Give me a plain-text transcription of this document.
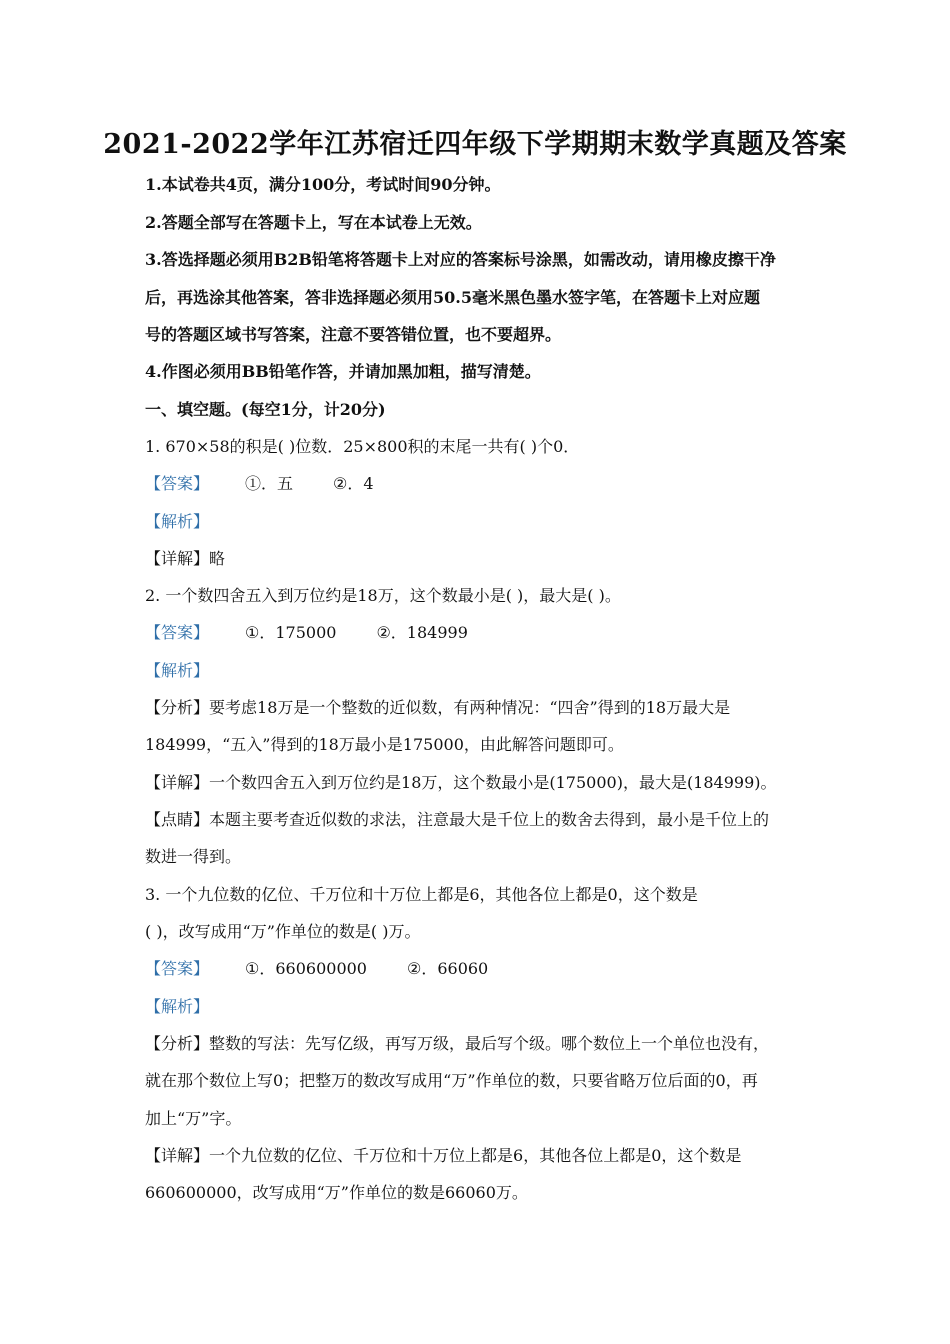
2021-2022学年江苏宿迁四年级下学期期末数学真题及答案
1.本试卷共4页，满分100分，考试时间90分钟。
2.答题全部写在答题卡上，写在本试卷上无效。
3.答选择题必须用B2B铅笔将答题卡上对应的答案标号涂黑，如需改动，请用橡皮擦干净
后，再选涂其他答案，答非选择题必须用50.5毫米黑色墨水签字笔，在答题卡上对应题
号的答题区域书写答案，注意不要答错位置，也不要超界。
4.作图必须用BB铅笔作答，并请加黑加粗，描写清楚。
一、填空题。(每空1分，计20分)
1. 670×58的积是( )位数．25×800积的末尾一共有( )个0．
【答案】 ①．五	②．4
【解析】
【详解】略
2. 一个数四舍五入到万位约是18万，这个数最小是( )，最大是( )。
【答案】 ①．175000	②．184999
【解析】
【分析】要考虑18万是一个整数的近似数，有两种情况：“四舍”得到的18万最大是
184999，“五入”得到的18万最小是175000，由此解答问题即可。
【详解】一个数四舍五入到万位约是18万，这个数最小是(175000)，最大是(184999)。
【点睛】本题主要考查近似数的求法，注意最大是千位上的数舍去得到，最小是千位上的
数进一得到。
3. 一个九位数的亿位、千万位和十万位上都是6，其他各位上都是0，这个数是
( )，改写成用“万”作单位的数是( )万。
【答案】 ①．660600000	②．66060
【解析】
【分析】整数的写法：先写亿级，再写万级，最后写个级。哪个数位上一个单位也没有，
就在那个数位上写0；把整万的数改写成用“万”作单位的数，只要省略万位后面的0，再
加上“万”字。
【详解】一个九位数的亿位、千万位和十万位上都是6，其他各位上都是0，这个数是
660600000，改写成用“万”作单位的数是66060万。
